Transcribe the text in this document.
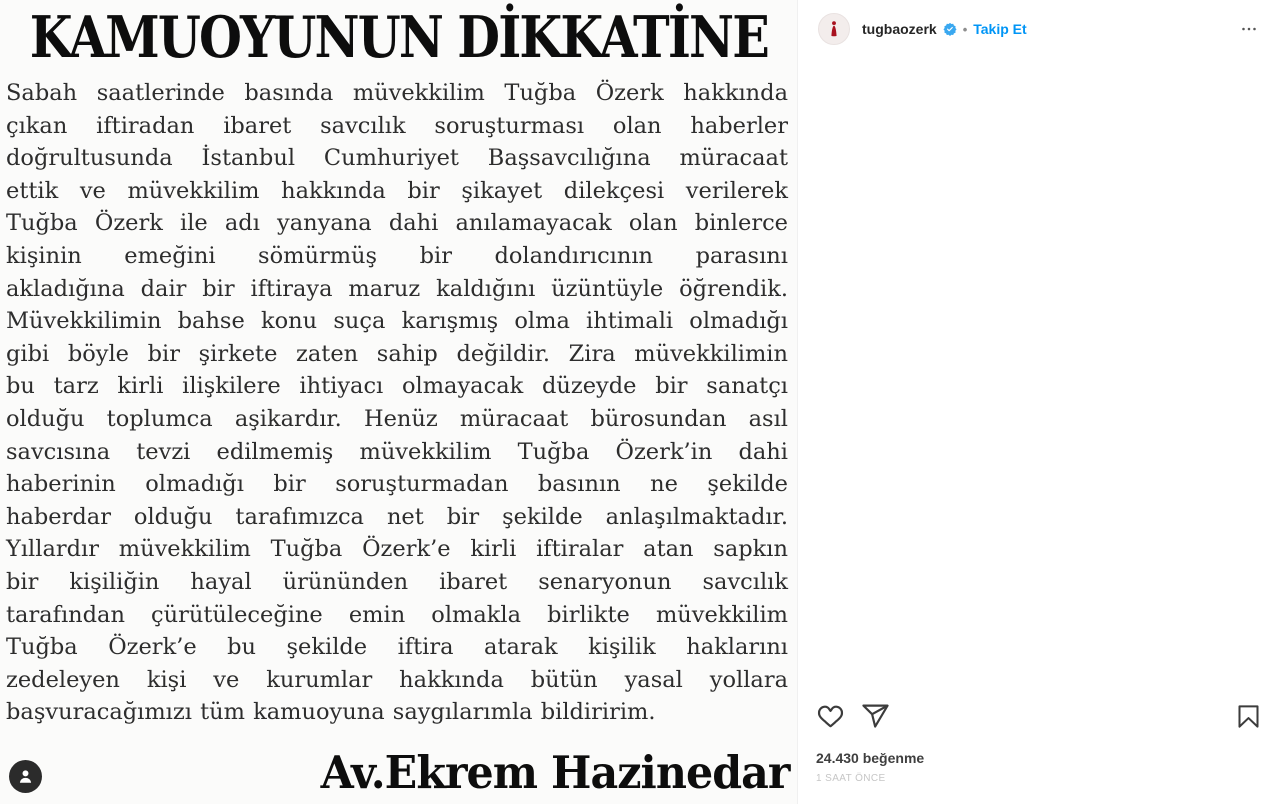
KAMUOYUNUN DİKKATİNE
Sabah saatlerinde basında müvekkilim Tuğba Özerk hakkında
çıkan iftiradan ibaret savcılık soruşturması olan haberler
doğrultusunda İstanbul Cumhuriyet Başsavcılığına müracaat
ettik ve müvekkilim hakkında bir şikayet dilekçesi verilerek
Tuğba Özerk ile adı yanyana dahi anılamayacak olan binlerce
kişinin emeğini sömürmüş bir dolandırıcının parasını
akladığına dair bir iftiraya maruz kaldığını üzüntüyle öğrendik.
Müvekkilimin bahse konu suça karışmış olma ihtimali olmadığı
gibi böyle bir şirkete zaten sahip değildir. Zira müvekkilimin
bu tarz kirli ilişkilere ihtiyacı olmayacak düzeyde bir sanatçı
olduğu toplumca aşikardır. Henüz müracaat bürosundan asıl
savcısına tevzi edilmemiş müvekkilim Tuğba Özerk’in dahi
haberinin olmadığı bir soruşturmadan basının ne şekilde
haberdar olduğu tarafımızca net bir şekilde anlaşılmaktadır.
Yıllardır müvekkilim Tuğba Özerk’e kirli iftiralar atan sapkın
bir kişiliğin hayal ürününden ibaret senaryonun savcılık
tarafından çürütüleceğine emin olmakla birlikte müvekkilim
Tuğba Özerk’e bu şekilde iftira atarak kişilik haklarını
zedeleyen kişi ve kurumlar hakkında bütün yasal yollara
başvuracağımızı tüm kamuoyuna saygılarımla bildiririm.
Av.Ekrem Hazinedar
tugbaozerk • Takip Et
24.430 beğenme
1 SAAT ÖNCE
